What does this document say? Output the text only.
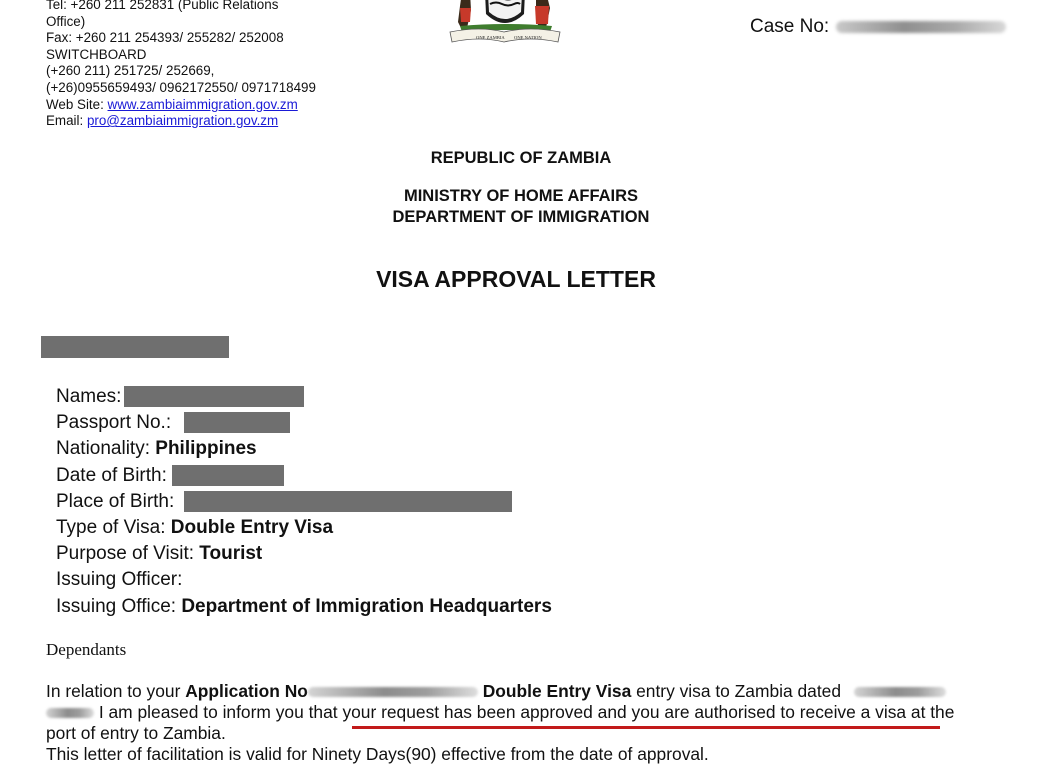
Tel: +260 211 252831 (Public Relations
Office)
Fax: +260 211 254393/ 255282/ 252008
SWITCHBOARD
(+260 211) 251725/ 252669,
(+26)0955659493/ 0962172550/ 0971718499
Web Site: www.zambiaimmigration.gov.zm
Email: pro@zambiaimmigration.gov.zm
ONE ZAMBIA ONE NATION
Case No:
REPUBLIC OF ZAMBIA
MINISTRY OF HOME AFFAIRS
DEPARTMENT OF IMMIGRATION
VISA APPROVAL LETTER
Names:
Passport No.:
Nationality: Philippines
Date of Birth:
Place of Birth:
Type of Visa: Double Entry Visa
Purpose of Visit: Tourist
Issuing Officer:
Issuing Office: Department of Immigration Headquarters
Dependants
In relation to your Application No	Double Entry Visa entry visa to Zambia dated
I am pleased to inform you that your request has been approved and you are authorised to receive a visa at the
port of entry to Zambia.
This letter of facilitation is valid for Ninety Days(90) effective from the date of approval.
